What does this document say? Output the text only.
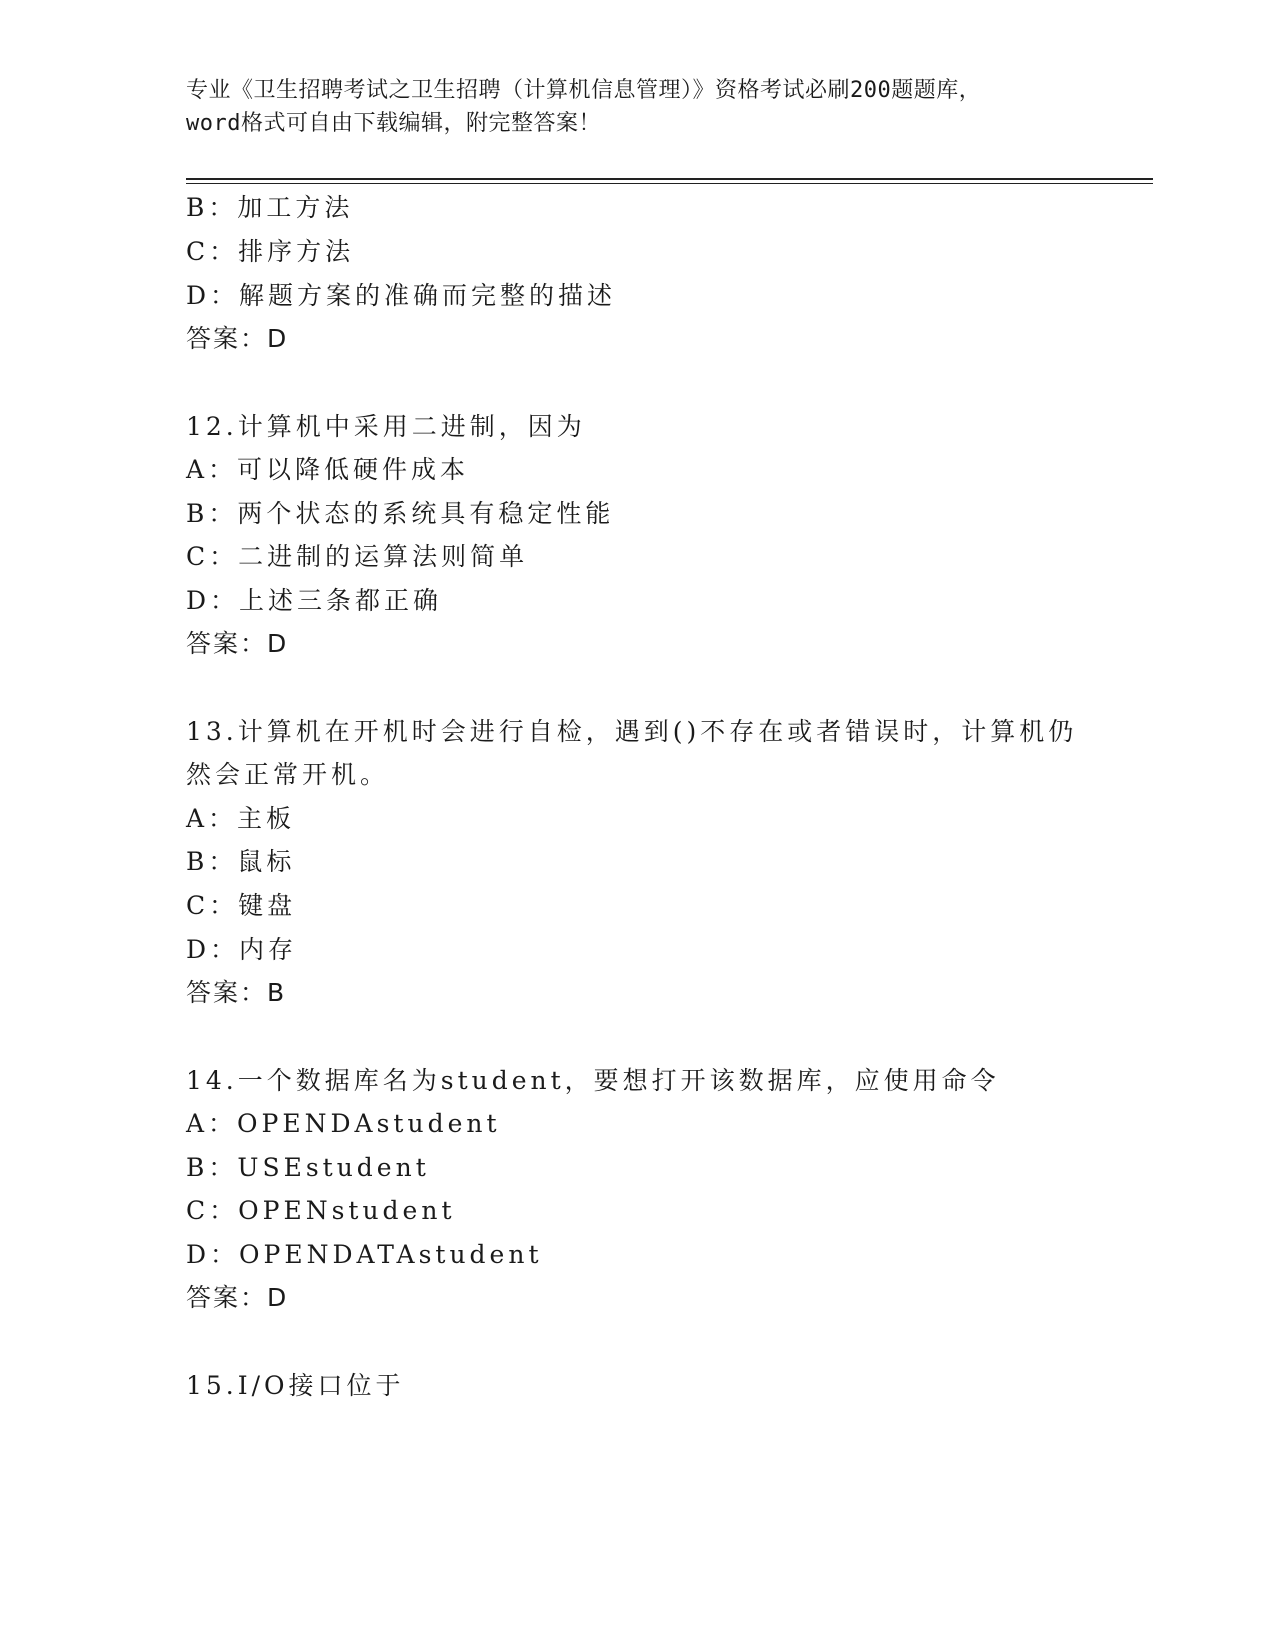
专业《卫生招聘考试之卫生招聘（计算机信息管理）》资格考试必刷200题题库，
word格式可自由下载编辑，附完整答案！
B：加工方法
C：排序方法
D：解题方案的准确而完整的描述
答案：D
12.计算机中采用二进制，因为
A：可以降低硬件成本
B：两个状态的系统具有稳定性能
C：二进制的运算法则简单
D：上述三条都正确
答案：D
13.计算机在开机时会进行自检，遇到()不存在或者错误时，计算机仍
然会正常开机。
A：主板
B：鼠标
C：键盘
D：内存
答案：B
14.一个数据库名为student，要想打开该数据库，应使用命令
A：OPENDAstudent
B：USEstudent
C：OPENstudent
D：OPENDATAstudent
答案：D
15.I/O接口位于
